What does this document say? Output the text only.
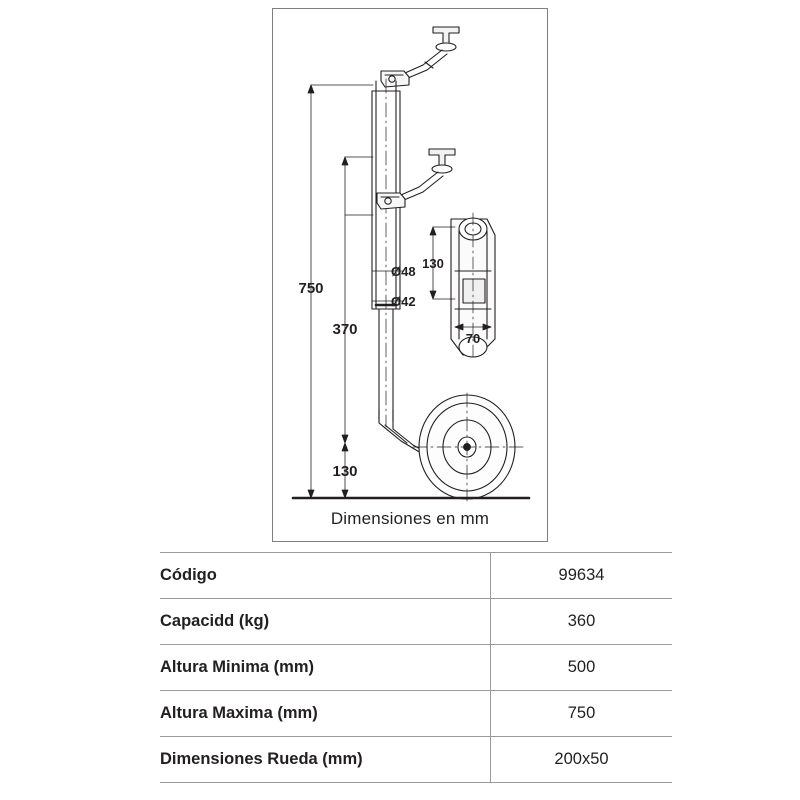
750
370
130
Ø48
Ø42
130
70
Dimensiones en mm
Código	99634
Capacidd (kg)	360
Altura Minima (mm)	500
Altura Maxima (mm)	750
Dimensiones Rueda (mm)	200x50
